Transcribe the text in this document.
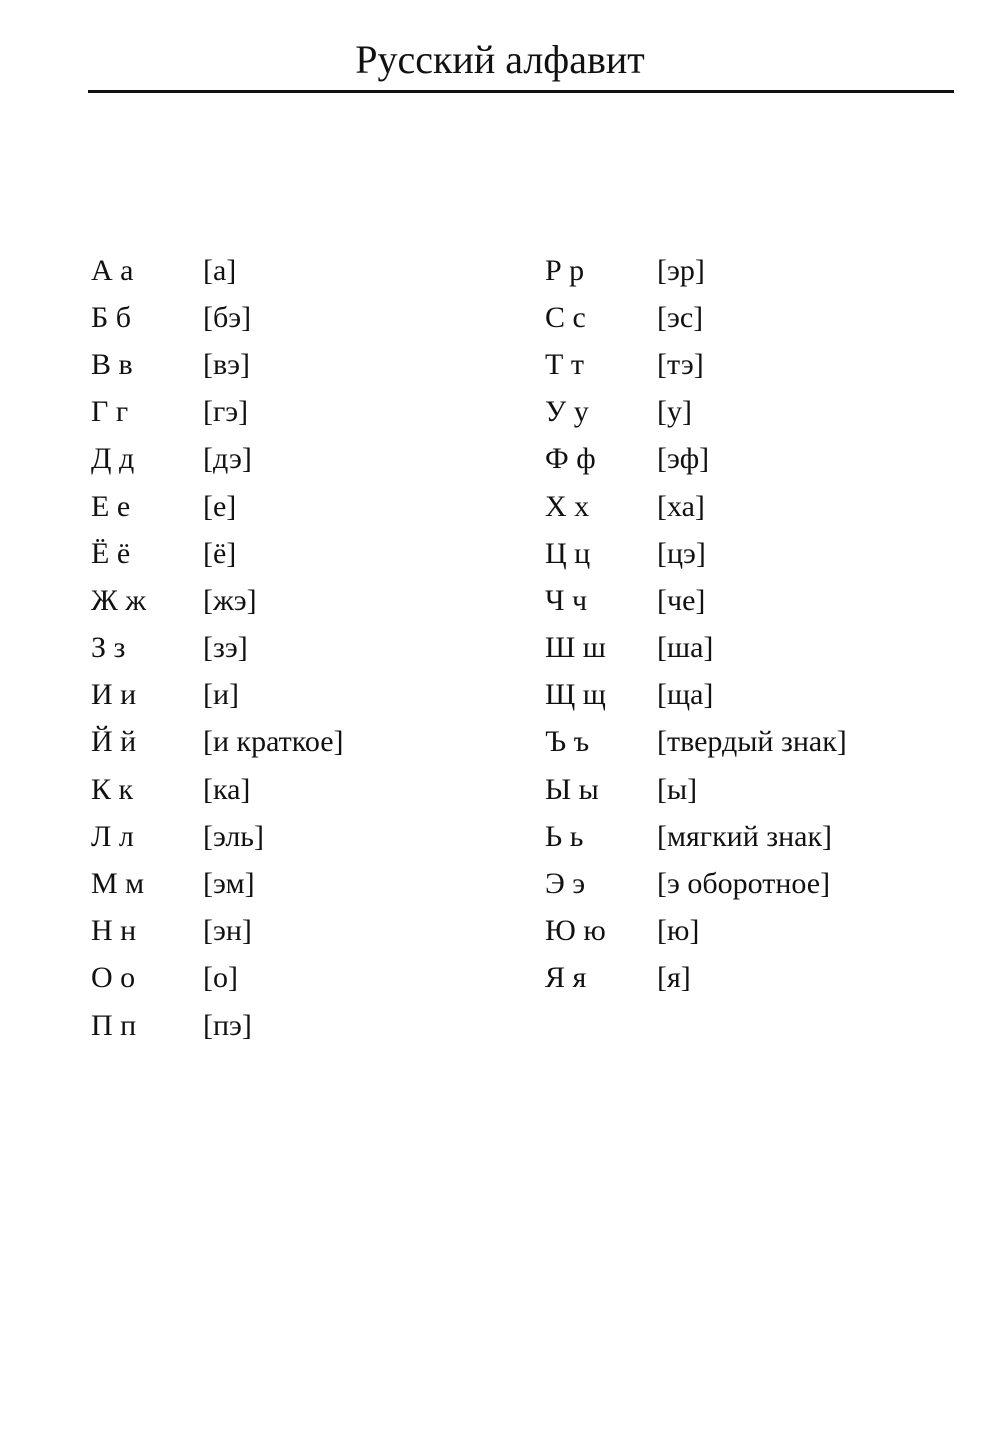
Русский алфавит
А а	[а]
Б б	[бэ]
В в	[вэ]
Г г	[гэ]
Д д	[дэ]
Е е	[е]
Ё ё	[ё]
Ж ж	[жэ]
З з	[зэ]
И и	[и]
Й й	[и краткое]
К к	[ка]
Л л	[эль]
М м	[эм]
Н н	[эн]
О о	[о]
П п	[пэ]
Р р	[эр]
С с	[эс]
Т т	[тэ]
У у	[у]
Ф ф	[эф]
Х х	[ха]
Ц ц	[цэ]
Ч ч	[че]
Ш ш	[ша]
Щ щ	[ща]
Ъ ъ	[твердый знак]
Ы ы	[ы]
Ь ь	[мягкий знак]
Э э	[э оборотное]
Ю ю	[ю]
Я я	[я]
